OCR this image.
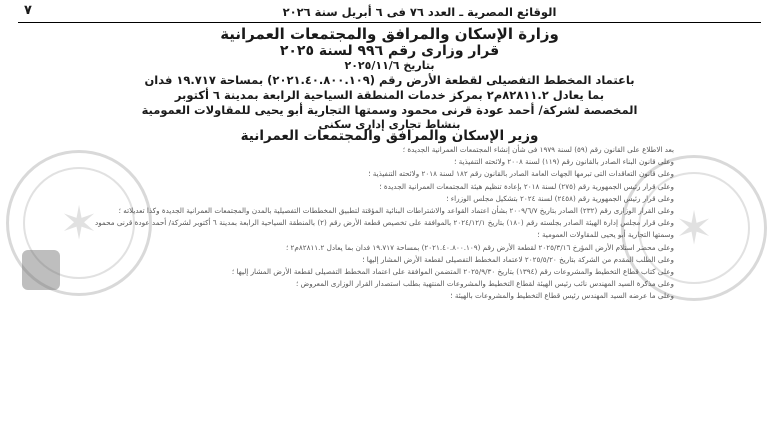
الوقائع المصرية ـ العدد ٧٦ فى ٦ أبريل سنة ٢٠٢٦
٧
وزارة الإسكان والمرافق والمجتمعات العمرانية
قرار وزارى رقم ٩٩٦ لسنة ٢٠٢٥
بتاريخ ٢٠٢٥/١١/٦
باعتماد المخطط التفصيلى لقطعة الأرض رقم (٢٠٢١.٤٠.٨٠٠.١٠٩) بمساحة ١٩.٧١٧ فدان
بما يعادل ٨٢٨١١.٢م٢ بمركز خدمات المنطقة السياحية الرابعة بمدينة ٦ أكتوبر
المخصصة لشركة/ أحمد عودة قرنى محمود وسمتها التجارية أبو يحيى للمقاولات العمومية
بنشاط تجارى إدارى سكنى
✶
✶
وزير الإسكان والمرافق والمجتمعات العمرانية

بعد الاطلاع على القانون رقم (٥٩) لسنة ١٩٧٩ فى شأن إنشاء المجتمعات العمرانية الجديدة ؛

وعلى قانون البناء الصادر بالقانون رقم (١١٩) لسنة ٢٠٠٨ ولائحته التنفيذية ؛

وعلى قانون التعاقدات التى تبرمها الجهات العامة الصادر بالقانون رقم ١٨٢ لسنة ٢٠١٨ ولائحته التنفيذية ؛

وعلى قرار رئيس الجمهورية رقم (٢٧٥) لسنة ٢٠١٨ بإعادة تنظيم هيئة المجتمعات العمرانية الجديدة ؛

وعلى قرار رئيس الجمهورية رقم (٢٤٥٨) لسنة ٢٠٢٤ بتشكيل مجلس الوزراء ؛

وعلى القرار الوزارى رقم (٢٣٢) الصادر بتاريخ ٢٠٠٩/٦/٧ بشأن اعتماد القواعد والاشتراطات البنائية المؤقتة لتطبيق المخططات التفصيلية بالمدن والمجتمعات العمرانية الجديدة وكذا تعديلاته ؛

وعلى قرار مجلس إدارة الهيئة الصادر بجلسته رقم (١٨٠) بتاريخ ٢٠٢٤/١٢/١ بالموافقة على تخصيص قطعة الأرض رقم (٢) بالمنطقة السياحية الرابعة بمدينة ٦ أكتوبر لشركة/ أحمد عودة قرنى محمود وسمتها التجارية أبو يحيى للمقاولات العمومية ؛

وعلى محضر استلام الأرض المؤرخ ٢٠٢٥/٣/١٦ لقطعة الأرض رقم (٢٠٢١.٤٠.٨٠٠.١٠٩) بمساحة ١٩.٧١٧ فدان بما يعادل ٨٢٨١١.٢م٢ ؛

وعلى الطلب المقدم من الشركة بتاريخ ٢٠٢٥/٥/٢٠ لاعتماد المخطط التفصيلى لقطعة الأرض المشار إليها ؛

وعلى كتاب قطاع التخطيط والمشروعات رقم (١٣٩٤) بتاريخ ٢٠٢٥/٩/٣٠ المتضمن الموافقة على اعتماد المخطط التفصيلى لقطعة الأرض المشار إليها ؛

وعلى مذكرة السيد المهندس نائب رئيس الهيئة لقطاع التخطيط والمشروعات المنتهية بطلب استصدار القرار الوزارى المعروض ؛

وعلى ما عرضه السيد المهندس رئيس قطاع التخطيط والمشروعات بالهيئة ؛
